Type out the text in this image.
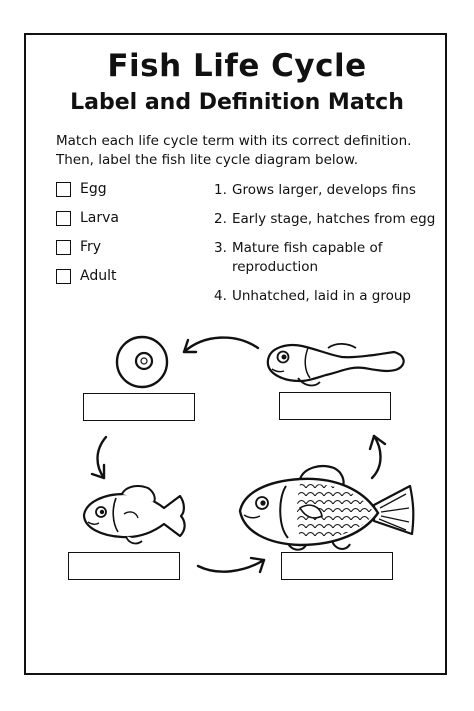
Fish Life Cycle
Label and Definition Match
Match each life cycle term with its correct definition.
Then, label the fish lite cycle diagram below.
Egg
Larva
Fry
Adult
1. Grows larger, develops fins
2. Early stage, hatches from egg
3. Mature fish capable of reproduction
4. Unhatched, laid in a group
